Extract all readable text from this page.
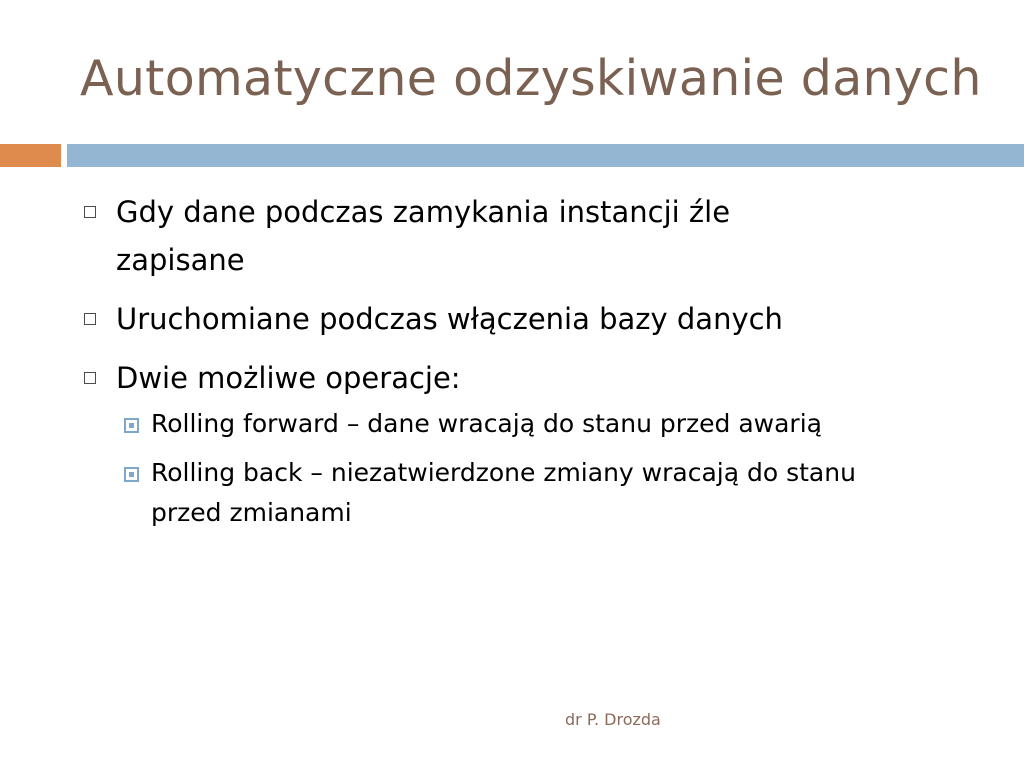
Automatyczne odzyskiwanie danych
Gdy dane podczas zamykania instancji źle zapisane
Uruchomiane podczas włączenia bazy danych
Dwie możliwe operacje:
Rolling forward – dane wracają do stanu przed awarią
Rolling back – niezatwierdzone zmiany wracają do stanu przed zmianami
dr P. Drozda
